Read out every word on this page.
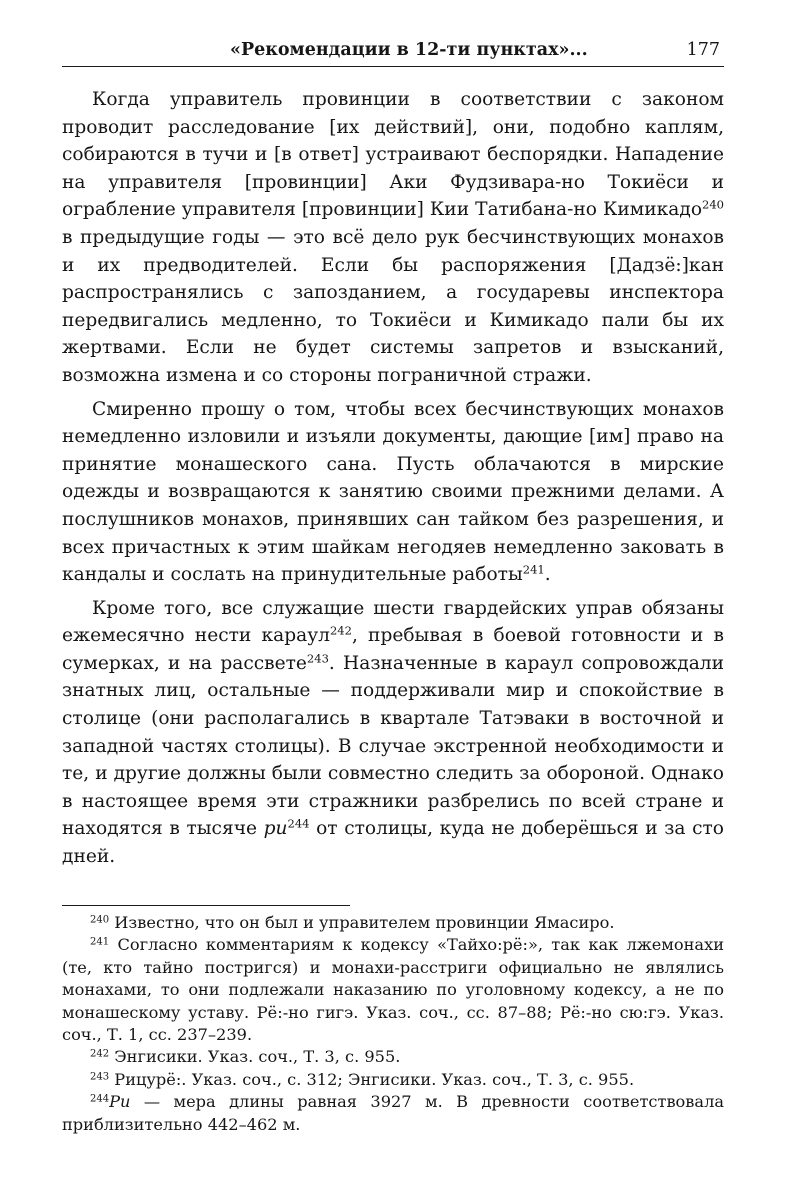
«Рекомендации в 12-ти пунктах»...	177

Когда управитель провинции в соответствии с законом проводит расследование [их действий], они, подобно каплям, собираются в тучи и [в ответ] устраивают беспорядки. Нападение на управителя [провинции] Аки Фудзивара-но Токиёси и ограбление управителя [провинции] Кии Татибана-но Кимикадо$^{240}$ в предыдущие годы — это всё дело рук бесчинствующих монахов и их предводителей. Если бы распоряжения [Дадзё:]кан распространялись с запозданием, а государевы инспектора передвигались медленно, то Токиёси и Кимикадо пали бы их жертвами. Если не будет системы запретов и взысканий, возможна измена и со стороны пограничной стражи.

Смиренно прошу о том, чтобы всех бесчинствующих монахов немедленно изловили и изъяли документы, дающие [им] право на принятие монашеского сана. Пусть облачаются в мирские одежды и возвращаются к занятию своими прежними делами. А послушников монахов, принявших сан тайком без разрешения, и всех причастных к этим шайкам негодяев немедленно заковать в кандалы и сослать на принудительные работы$^{241}$.

Кроме того, все служащие шести гвардейских управ обязаны ежемесячно нести караул$^{242}$, пребывая в боевой готовности и в сумерках, и на рассвете$^{243}$. Назначенные в караул сопровождали знатных лиц, остальные — поддерживали мир и спокойствие в столице (они располагались в квартале Татэваки в восточной и западной частях столицы). В случае экстренной необходимости и те, и другие должны были совместно следить за обороной. Однако в настоящее время эти стражники разбрелись по всей стране и находятся в тысяче $ри^{244}$ от столицы, куда не доберёшься и за сто дней.

$^{240}$ Известно, что он был и управителем провинции Ямасиро.

$^{241}$ Согласно комментариям к кодексу «Тайхо:рё:», так как лжемонахи (те, кто тайно постригся) и монахи-расстриги официально не являлись монахами, то они подлежали наказанию по уголовному кодексу, а не по монашескому уставу. Рё:-но гигэ. Указ. соч., сс. 87–88; Рё:-но сю:гэ. Указ. соч., Т. 1, сс. 237–239.

$^{242}$ Энгисики. Указ. соч., Т. 3, с. 955.

$^{243}$ Рицурё:. Указ. соч., с. 312; Энгисики. Указ. соч., Т. 3, с. 955.

$^{244}$Ри — мера длины равная 3927 м. В древности соответствовала приблизительно 442–462 м.
